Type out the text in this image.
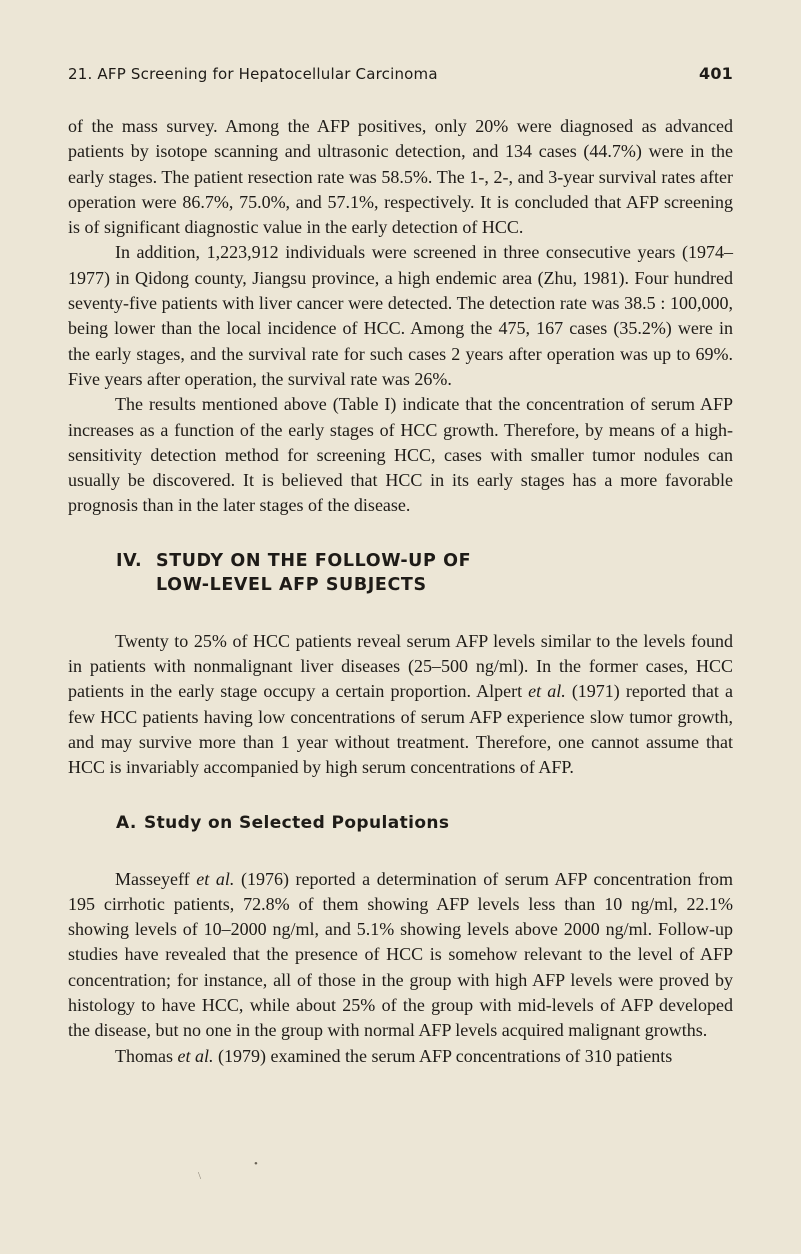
21. AFP Screening for Hepatocellular Carcinoma	401

of the mass survey. Among the AFP positives, only 20% were diagnosed as advanced patients by isotope scanning and ultrasonic detection, and 134 cases (44.7%) were in the early stages. The patient resection rate was 58.5%. The 1-, 2-, and 3-year survival rates after operation were 86.7%, 75.0%, and 57.1%, respectively. It is concluded that AFP screening is of significant diagnostic value in the early detection of HCC.

In addition, 1,223,912 individuals were screened in three consecutive years (1974–1977) in Qidong county, Jiangsu province, a high endemic area (Zhu, 1981). Four hundred seventy-five patients with liver cancer were detected. The detection rate was 38.5 : 100,000, being lower than the local incidence of HCC. Among the 475, 167 cases (35.2%) were in the early stages, and the survival rate for such cases 2 years after operation was up to 69%. Five years after operation, the survival rate was 26%.

The results mentioned above (Table I) indicate that the concentration of serum AFP increases as a function of the early stages of HCC growth. Therefore, by means of a high-sensitivity detection method for screening HCC, cases with smaller tumor nodules can usually be discovered. It is believed that HCC in its early stages has a more favorable prognosis than in the later stages of the disease.

IV. STUDY ON THE FOLLOW-UP OF
LOW-LEVEL AFP SUBJECTS

Twenty to 25% of HCC patients reveal serum AFP levels similar to the levels found in patients with nonmalignant liver diseases (25–500 ng/ml). In the former cases, HCC patients in the early stage occupy a certain proportion. Alpert et al. (1971) reported that a few HCC patients having low concentrations of serum AFP experience slow tumor growth, and may survive more than 1 year without treatment. Therefore, one cannot assume that HCC is invariably accompanied by high serum concentrations of AFP.

A. Study on Selected Populations

Masseyeff et al. (1976) reported a determination of serum AFP concentration from 195 cirrhotic patients, 72.8% of them showing AFP levels less than 10 ng/ml, 22.1% showing levels of 10–2000 ng/ml, and 5.1% showing levels above 2000 ng/ml. Follow-up studies have revealed that the presence of HCC is somehow relevant to the level of AFP concentration; for instance, all of those in the group with high AFP levels were proved by histology to have HCC, while about 25% of the group with mid-levels of AFP developed the disease, but no one in the group with normal AFP levels acquired malignant growths.

Thomas et al. (1979) examined the serum AFP concentrations of 310 patients

•
\
